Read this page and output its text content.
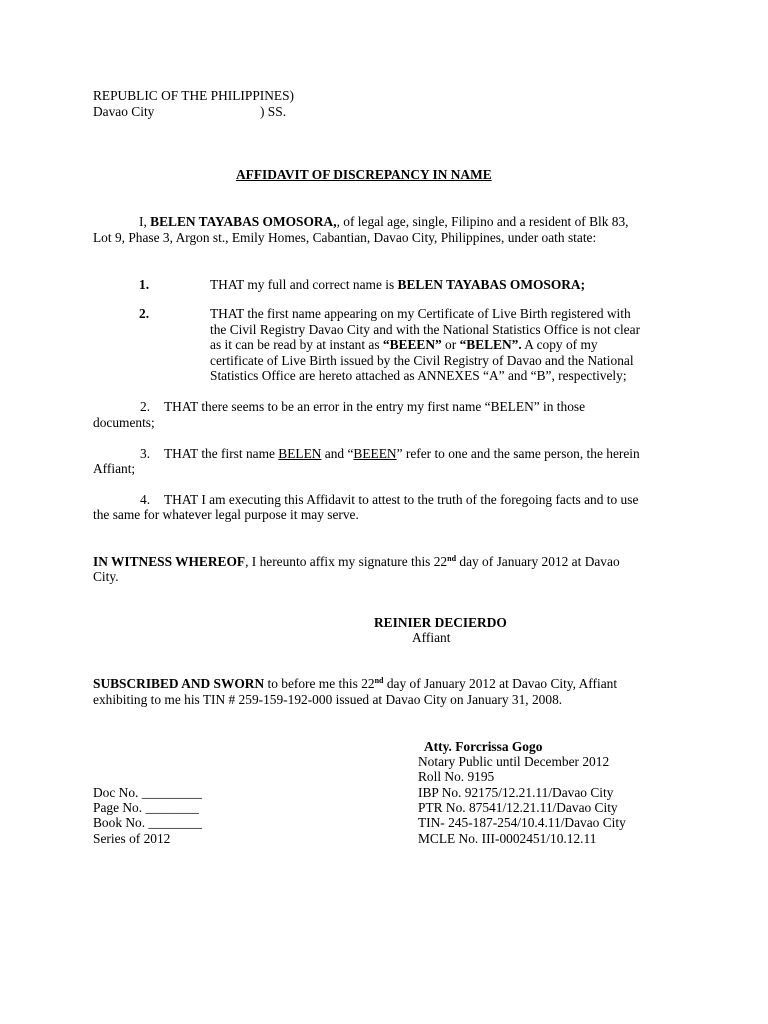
REPUBLIC OF THE PHILIPPINES)
Davao City	) SS.
AFFIDAVIT OF DISCREPANCY IN NAME
I, BELEN TAYABAS OMOSORA,, of legal age, single, Filipino and a resident of Blk 83,
Lot 9, Phase 3, Argon st., Emily Homes, Cabantian, Davao City, Philippines, under oath state:
1.	THAT my full and correct name is BELEN TAYABAS OMOSORA;
2.	THAT the first name appearing on my Certificate of Live Birth registered with
the Civil Registry Davao City and with the National Statistics Office is not clear
as it can be read by at instant as “BEEEN” or “BELEN”. A copy of my
certificate of Live Birth issued by the Civil Registry of Davao and the National
Statistics Office are hereto attached as ANNEXES “A” and “B”, respectively;
2. THAT there seems to be an error in the entry my first name “BELEN” in those
documents;
3. THAT the first name BELEN and “BEEEN” refer to one and the same person, the herein
Affiant;
4. THAT I am executing this Affidavit to attest to the truth of the foregoing facts and to use
the same for whatever legal purpose it may serve.
IN WITNESS WHEREOF, I hereunto affix my signature this 22nd day of January 2012 at Davao
City.
REINIER DECIERDO
Affiant
SUBSCRIBED AND SWORN to before me this 22nd day of January 2012 at Davao City, Affiant
exhibiting to me his TIN # 259-159-192-000 issued at Davao City on January 31, 2008.
Atty. Forcrissa Gogo
Notary Public until December 2012
Roll No. 9195
IBP No. 92175/12.21.11/Davao City
PTR No. 87541/12.21.11/Davao City
TIN- 245-187-254/10.4.11/Davao City
MCLE No. III-0002451/10.12.11
Doc No. _________
Page No. ________
Book No. ________
Series of 2012
